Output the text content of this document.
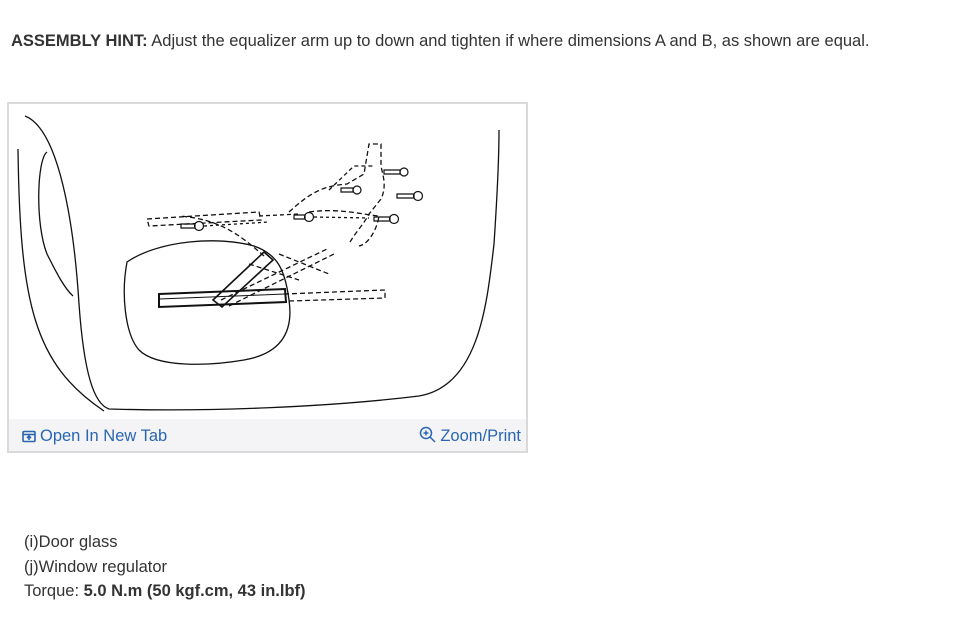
ASSEMBLY HINT: Adjust the equalizer arm up to down and tighten if where dimensions A and B, as shown are equal.
Open In New Tab	Zoom/Print
(i)Door glass
(j)Window regulator
Torque: 5.0 N.m (50 kgf.cm, 43 in.lbf)
